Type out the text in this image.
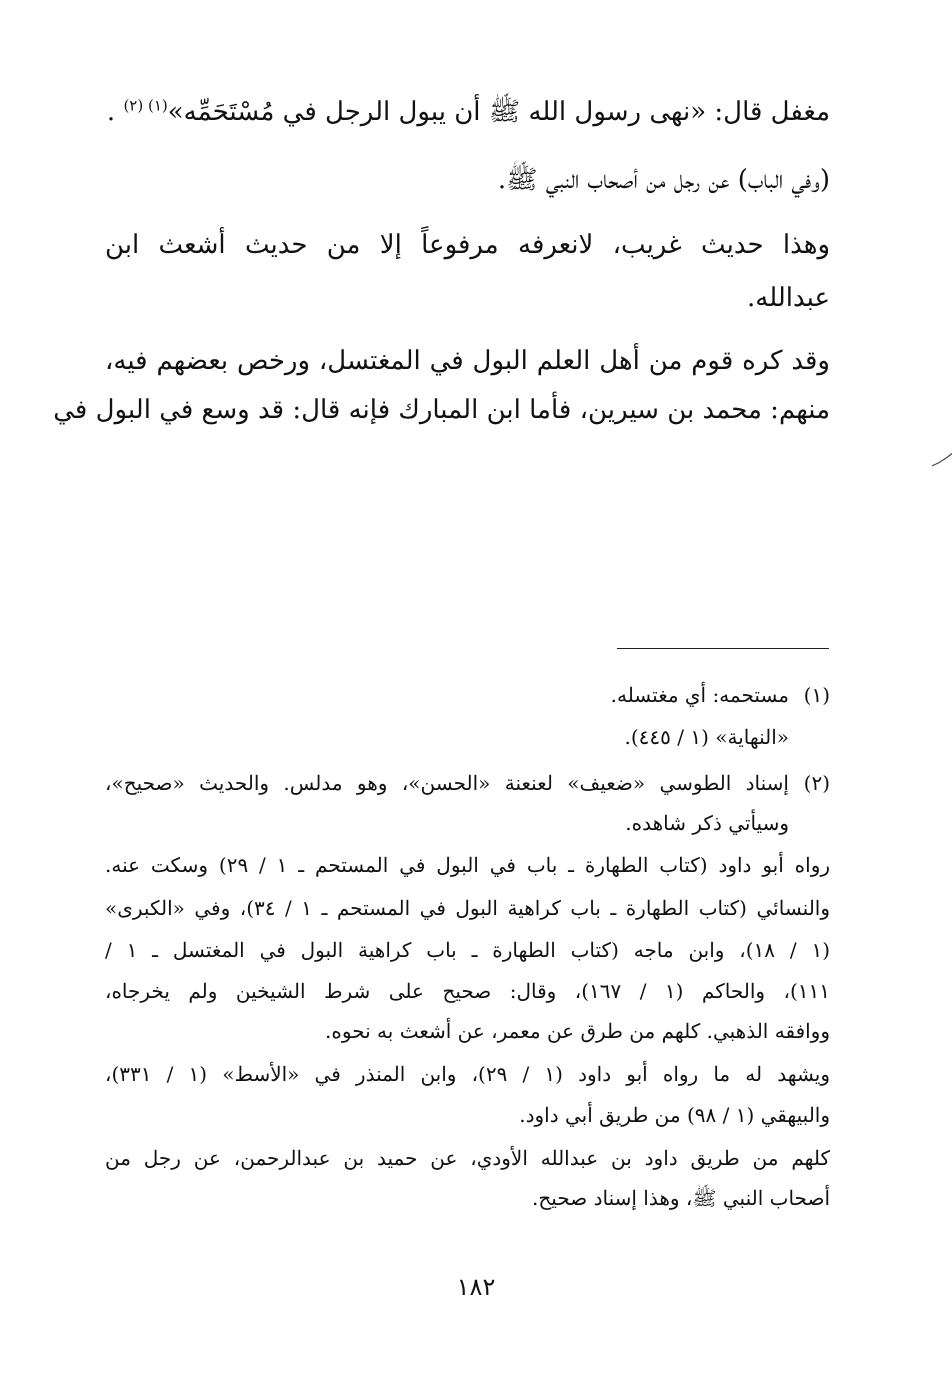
مغفل قال: «نهى رسول الله ﷺ أن يبول الرجل في مُسْتَحَمِّه»$^{(١) (٢)}$ .
(وفي الباب) عن رجل من أصحاب النبي ﷺ.
وهذا حديث غريب، لانعرفه مرفوعاً إلا من حديث أشعث ابن
عبدالله.
وقد كره قوم من أهل العلم البول في المغتسل، ورخص بعضهم فيه،
منهم: محمد بن سيرين، فأما ابن المبارك فإنه قال: قد وسع في البول في
(١)
مستحمه: أي مغتسله.
«النهاية» (١ / ٤٤٥).
(٢)
إسناد الطوسي «ضعيف» لعنعنة «الحسن»، وهو مدلس. والحديث «صحيح»،
وسيأتي ذكر شاهده.
رواه أبو داود (كتاب الطهارة ـ باب في البول في المستحم ـ ١ / ٢٩) وسكت عنه.
والنسائي (كتاب الطهارة ـ باب كراهية البول في المستحم ـ ١ / ٣٤)، وفي «الكبرى»
(١ / ١٨)، وابن ماجه (كتاب الطهارة ـ باب كراهية البول في المغتسل ـ ١ /
١١١)، والحاكم (١ / ١٦٧)، وقال: صحيح على شرط الشيخين ولم يخرجاه،
ووافقه الذهبي. كلهم من طرق عن معمر، عن أشعث به نحوه.
ويشهد له ما رواه أبو داود (١ / ٢٩)، وابن المنذر في «الأسط» (١ / ٣٣١)،
والبيهقي (١ / ٩٨) من طريق أبي داود.
كلهم من طريق داود بن عبدالله الأودي، عن حميد بن عبدالرحمن، عن رجل من
أصحاب النبي ﷺ، وهذا إسناد صحيح.
١٨٢
